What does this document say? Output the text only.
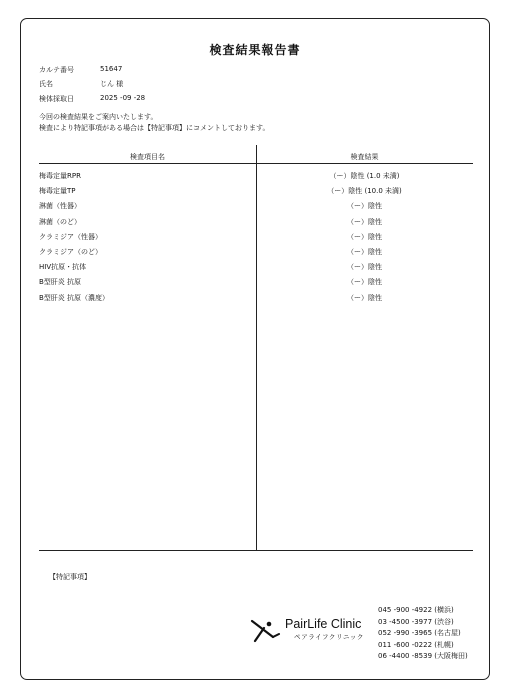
検査結果報告書
カルテ番号	51647
氏名	じん 様
検体採取日	2025 -09 -28
今回の検査結果をご案内いたします。
検査により特記事項がある場合は【特記事項】にコメントしております。
検査項目名	検査結果
梅毒定量RPR	（ー）陰性 (1.0 未満)
梅毒定量TP	（ー）陰性 (10.0 未満)
淋菌（性器）	（ー）陰性
淋菌（のど）	（ー）陰性
クラミジア（性器）	（ー）陰性
クラミジア（のど）	（ー）陰性
HIV抗原・抗体	（ー）陰性
B型肝炎 抗原	（ー）陰性
B型肝炎 抗原（濃度）	（ー）陰性
【特記事項】
PairLife Clinic
ペアライフクリニック
045 -900 -4922 (横浜)
03 -4500 -3977 (渋谷)
052 -990 -3965 (名古屋)
011 -600 -0222 (札幌)
06 -4400 -8539 (大阪梅田)
